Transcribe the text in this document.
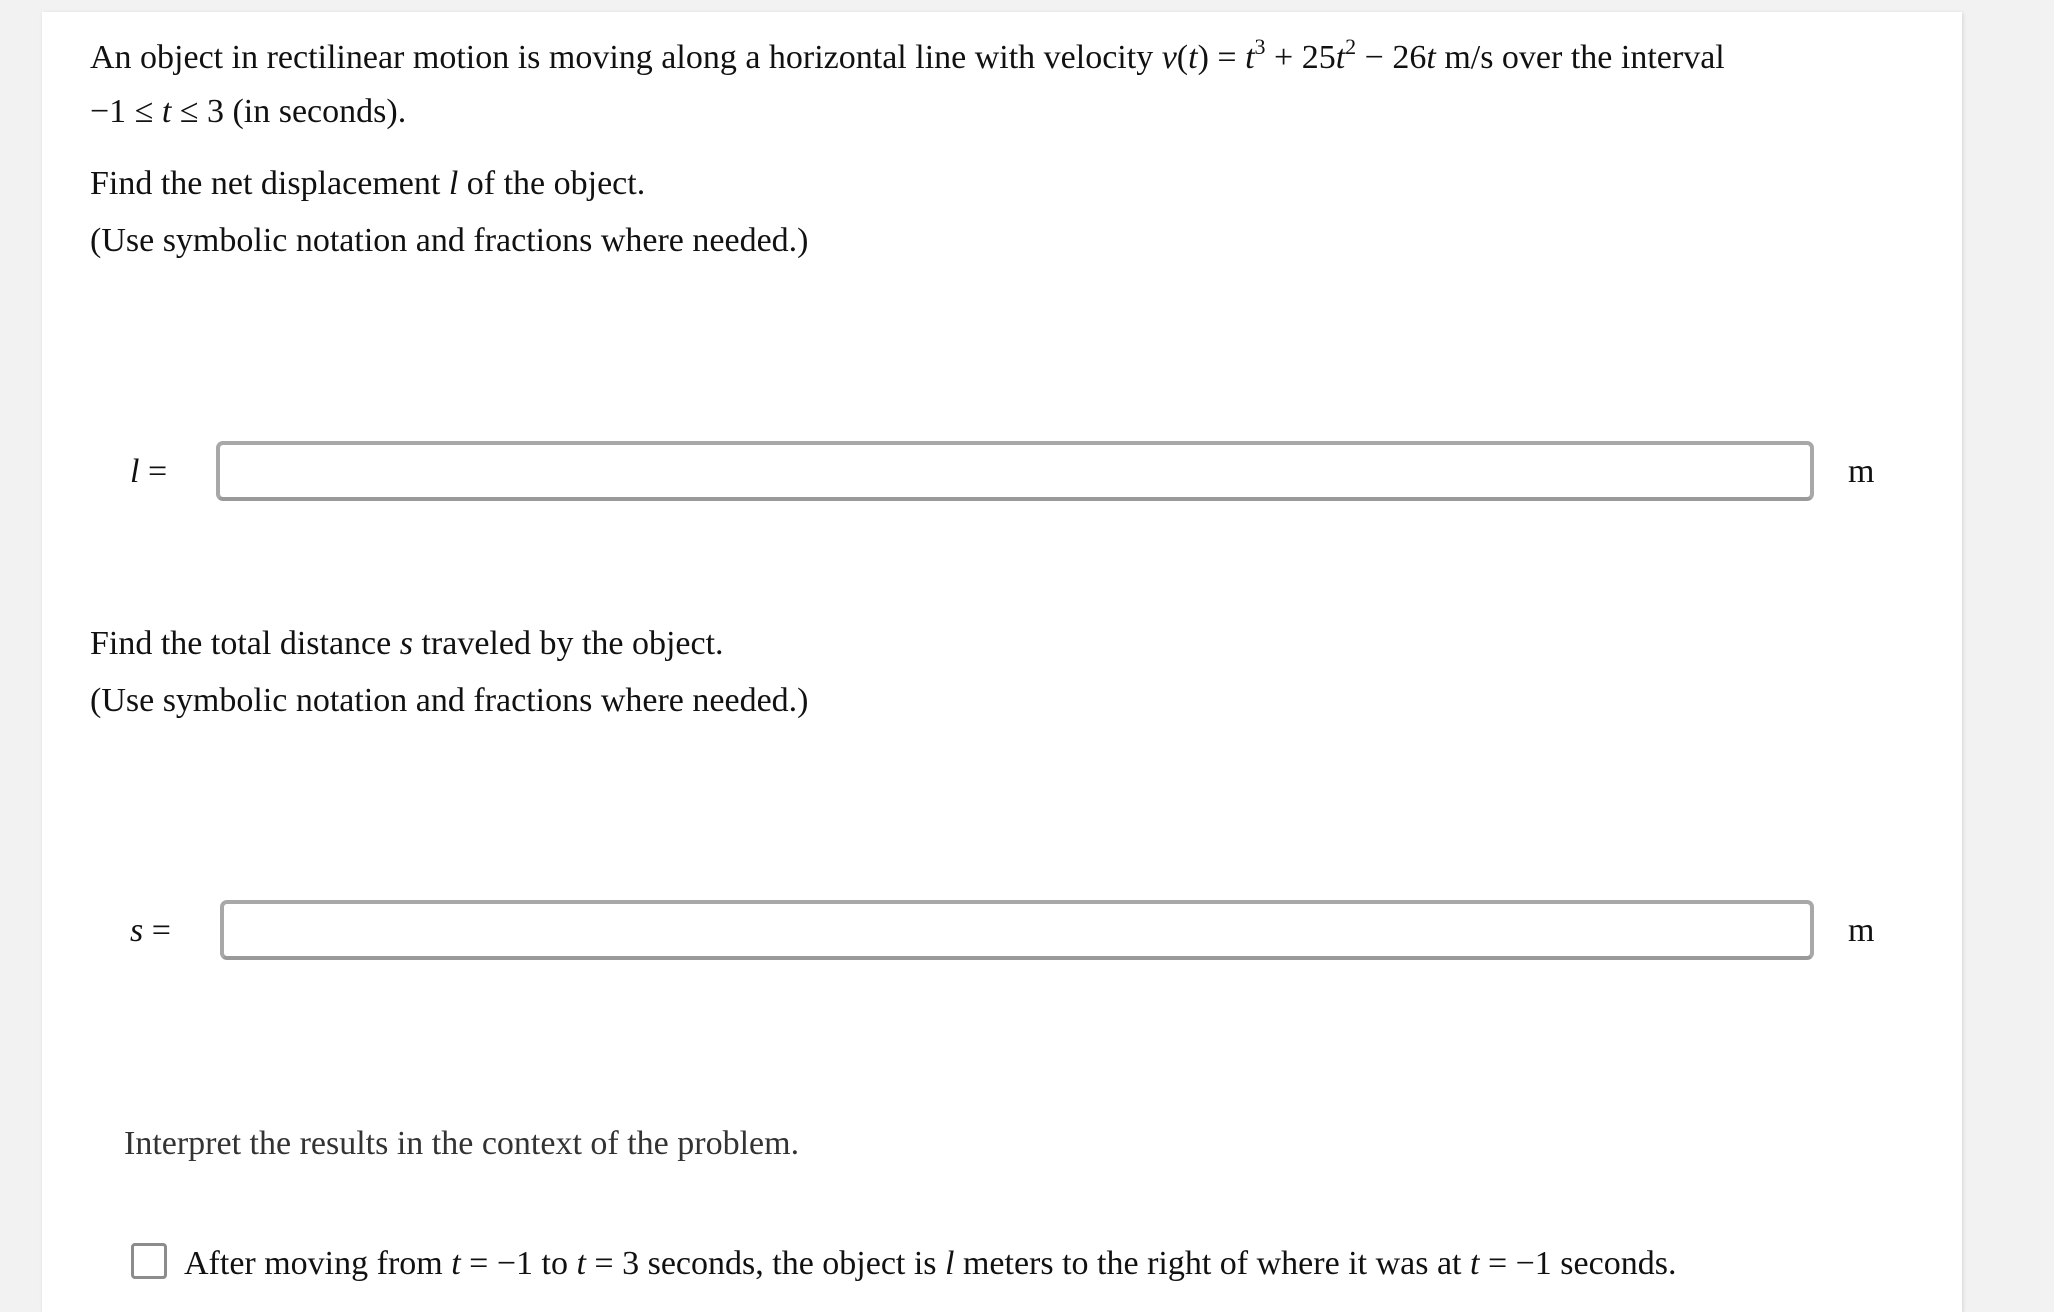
An object in rectilinear motion is moving along a horizontal line with velocity $v(t) = t^3 + 25t^2 - 26t$ m/s over the interval
−1 ≤ t ≤ 3 (in seconds).
Find the net displacement l of the object.
(Use symbolic notation and fractions where needed.)
l =	m
Find the total distance s traveled by the object.
(Use symbolic notation and fractions where needed.)
s =	m
Interpret the results in the context of the problem.
After moving from t = −1 to t = 3 seconds, the object is l meters to the right of where it was at t = −1 seconds.
